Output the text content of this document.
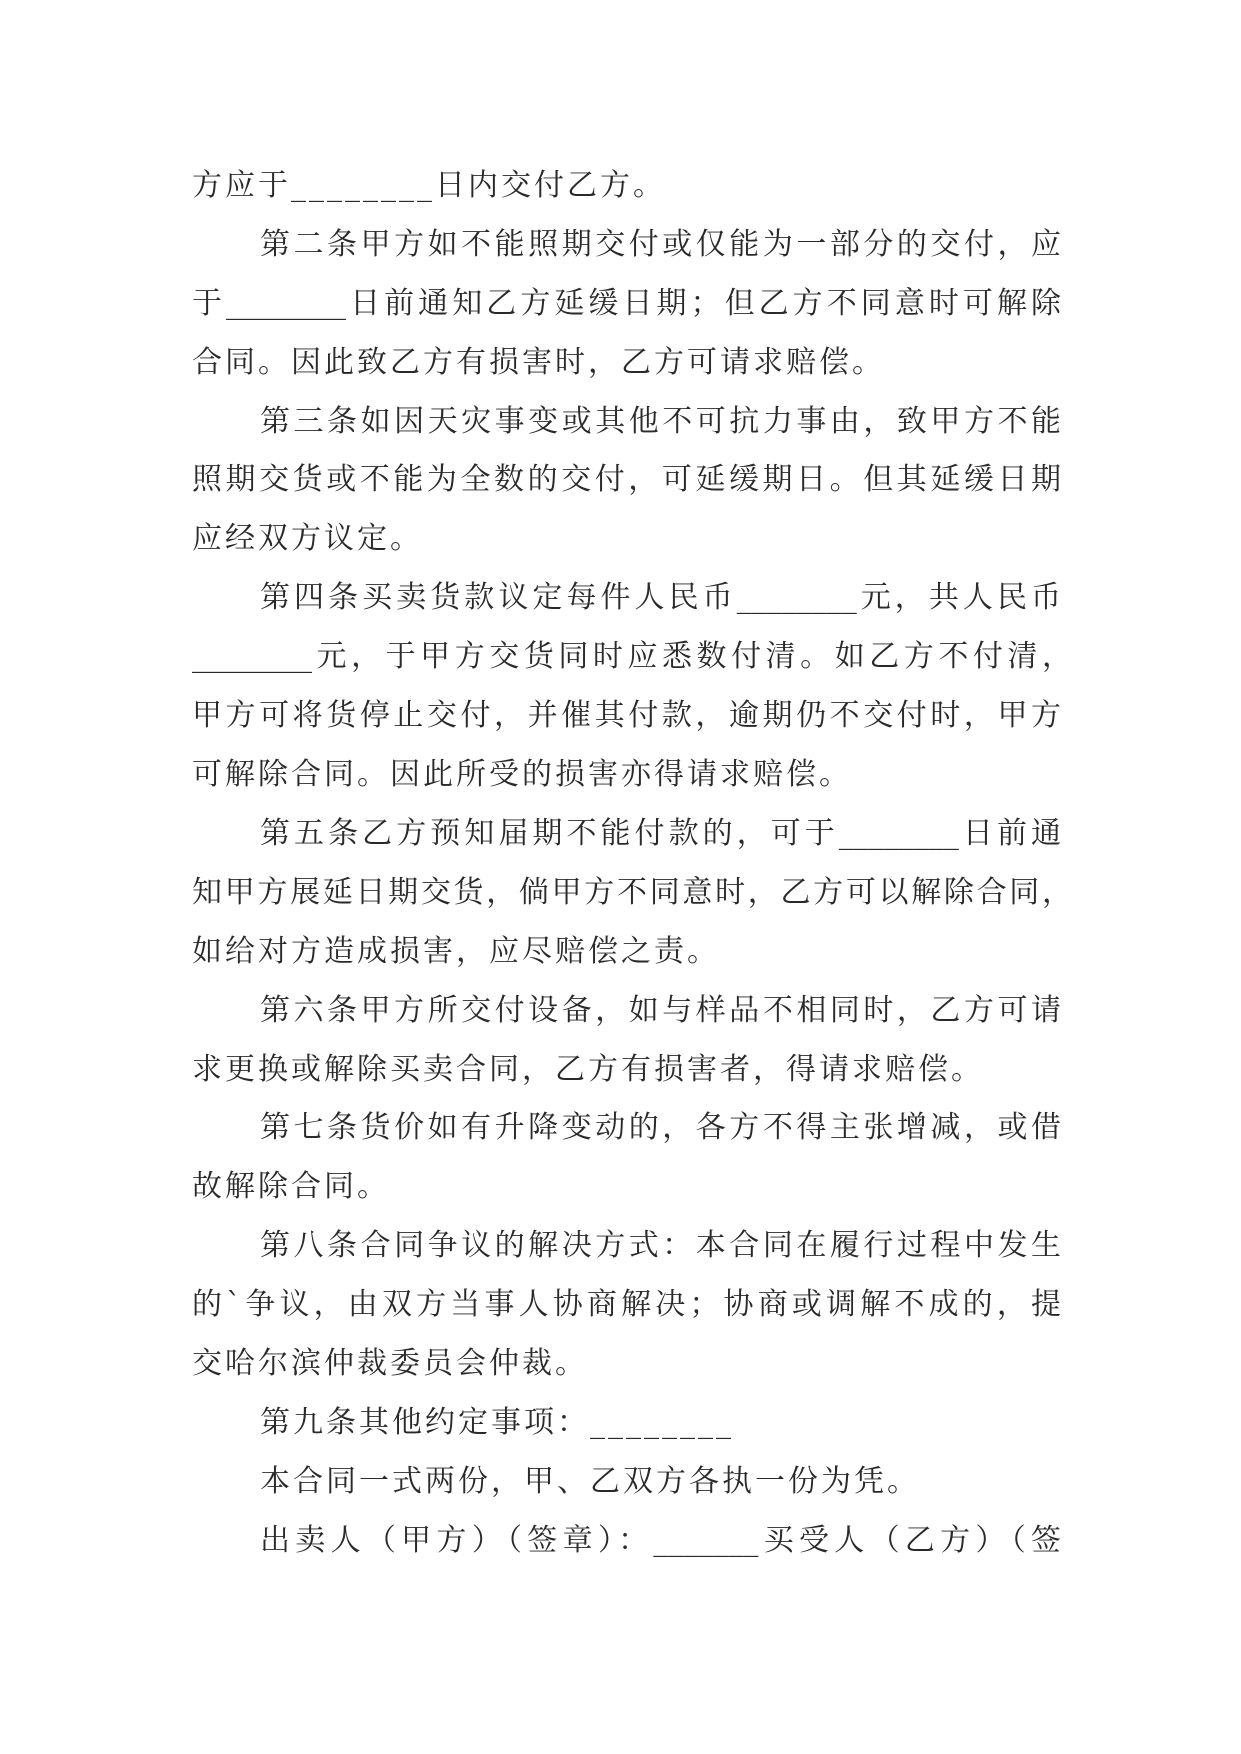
方应于________日内交付乙方。
第二条甲方如不能照期交付或仅能为一部分的交付，应
于________日前通知乙方延缓日期；但乙方不同意时可解除
合同。因此致乙方有损害时，乙方可请求赔偿。
第三条如因天灾事变或其他不可抗力事由，致甲方不能
照期交货或不能为全数的交付，可延缓期日。但其延缓日期
应经双方议定。
第四条买卖货款议定每件人民币________元，共人民币
________元，于甲方交货同时应悉数付清。如乙方不付清，
甲方可将货停止交付，并催其付款，逾期仍不交付时，甲方
可解除合同。因此所受的损害亦得请求赔偿。
第五条乙方预知届期不能付款的，可于________日前通
知甲方展延日期交货，倘甲方不同意时，乙方可以解除合同，
如给对方造成损害，应尽赔偿之责。
第六条甲方所交付设备，如与样品不相同时，乙方可请
求更换或解除买卖合同，乙方有损害者，得请求赔偿。
第七条货价如有升降变动的，各方不得主张增减，或借
故解除合同。
第八条合同争议的解决方式：本合同在履行过程中发生
的`争议，由双方当事人协商解决；协商或调解不成的，提
交哈尔滨仲裁委员会仲裁。
第九条其他约定事项：________
本合同一式两份，甲、乙双方各执一份为凭。
出卖人（甲方）（签章）：_______买受人（乙方）（签
